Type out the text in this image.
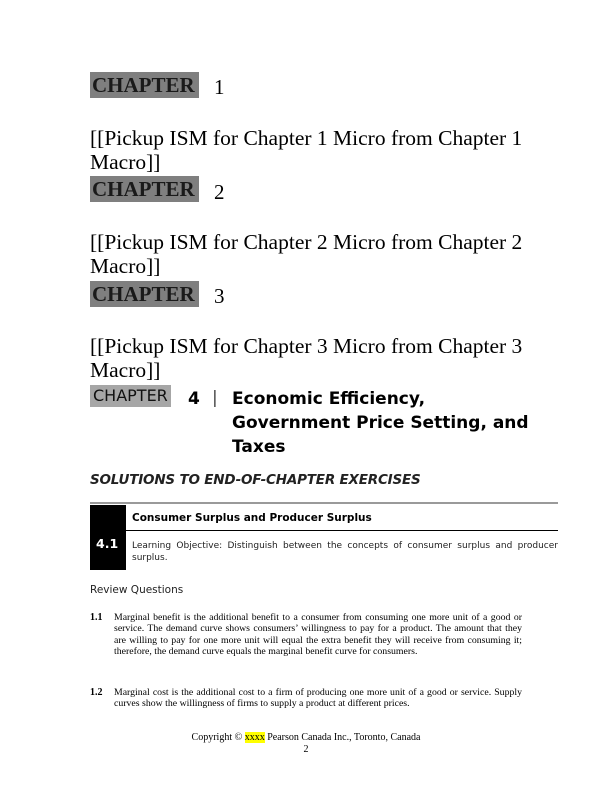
CHAPTER 1
[[Pickup ISM for Chapter 1 Micro from Chapter 1 Macro]]
CHAPTER 2
[[Pickup ISM for Chapter 2 Micro from Chapter 2 Macro]]
CHAPTER 3
[[Pickup ISM for Chapter 3 Micro from Chapter 3 Macro]]
CHAPTER 4 | Economic Efficiency,
Government Price Setting, and
Taxes
SOLUTIONS TO END-OF-CHAPTER EXERCISES
4.1
Consumer Surplus and Producer Surplus
Learning Objective: Distinguish between the concepts of consumer surplus and producer surplus.
Review Questions
1.1 Marginal benefit is the additional benefit to a consumer from consuming one more unit of a good or service. The demand curve shows consumers’ willingness to pay for a product. The amount that they are willing to pay for one more unit will equal the extra benefit they will receive from consuming it; therefore, the demand curve equals the marginal benefit curve for consumers.
1.2 Marginal cost is the additional cost to a firm of producing one more unit of a good or service. Supply curves show the willingness of firms to supply a product at different prices.
Copyright © xxxx Pearson Canada Inc., Toronto, Canada
2
